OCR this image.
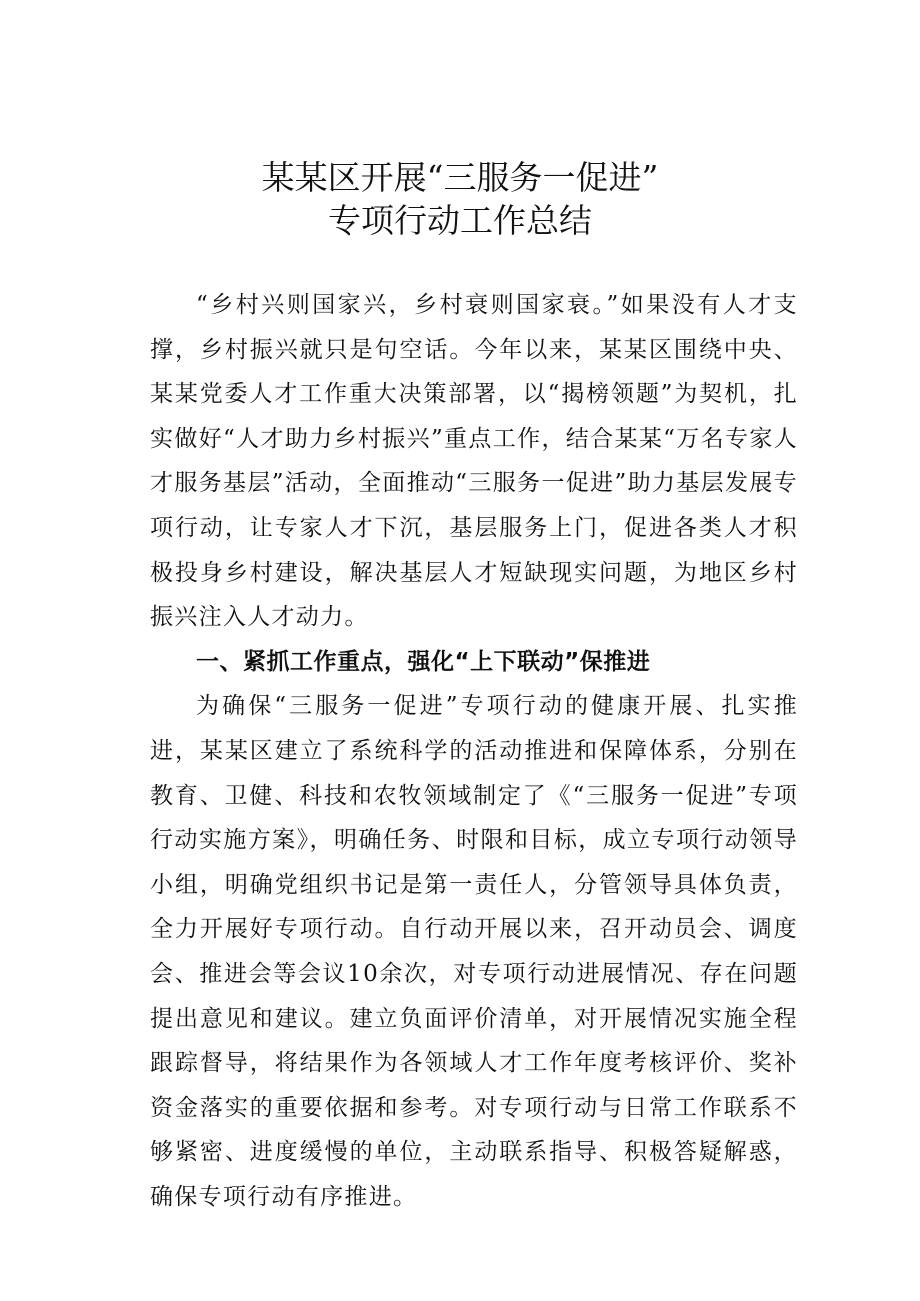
某某区开展“三服务一促进”
专项行动工作总结

“乡村兴则国家兴，乡村衰则国家衰。”如果没有人才支撑，乡村振兴就只是句空话。今年以来，某某区围绕中央、某某党委人才工作重大决策部署，以“揭榜领题”为契机，扎实做好“人才助力乡村振兴”重点工作，结合某某“万名专家人才服务基层”活动，全面推动“三服务一促进”助力基层发展专项行动，让专家人才下沉，基层服务上门，促进各类人才积极投身乡村建设，解决基层人才短缺现实问题，为地区乡村振兴注入人才动力。

一、紧抓工作重点，强化“上下联动”保推进

为确保“三服务一促进”专项行动的健康开展、扎实推进，某某区建立了系统科学的活动推进和保障体系，分别在教育、卫健、科技和农牧领域制定了《“三服务一促进”专项行动实施方案》，明确任务、时限和目标，成立专项行动领导小组，明确党组织书记是第一责任人，分管领导具体负责，全力开展好专项行动。自行动开展以来，召开动员会、调度会、推进会等会议10余次，对专项行动进展情况、存在问题提出意见和建议。建立负面评价清单，对开展情况实施全程跟踪督导，将结果作为各领域人才工作年度考核评价、奖补资金落实的重要依据和参考。对专项行动与日常工作联系不够紧密、进度缓慢的单位，主动联系指导、积极答疑解惑，确保专项行动有序推进。
